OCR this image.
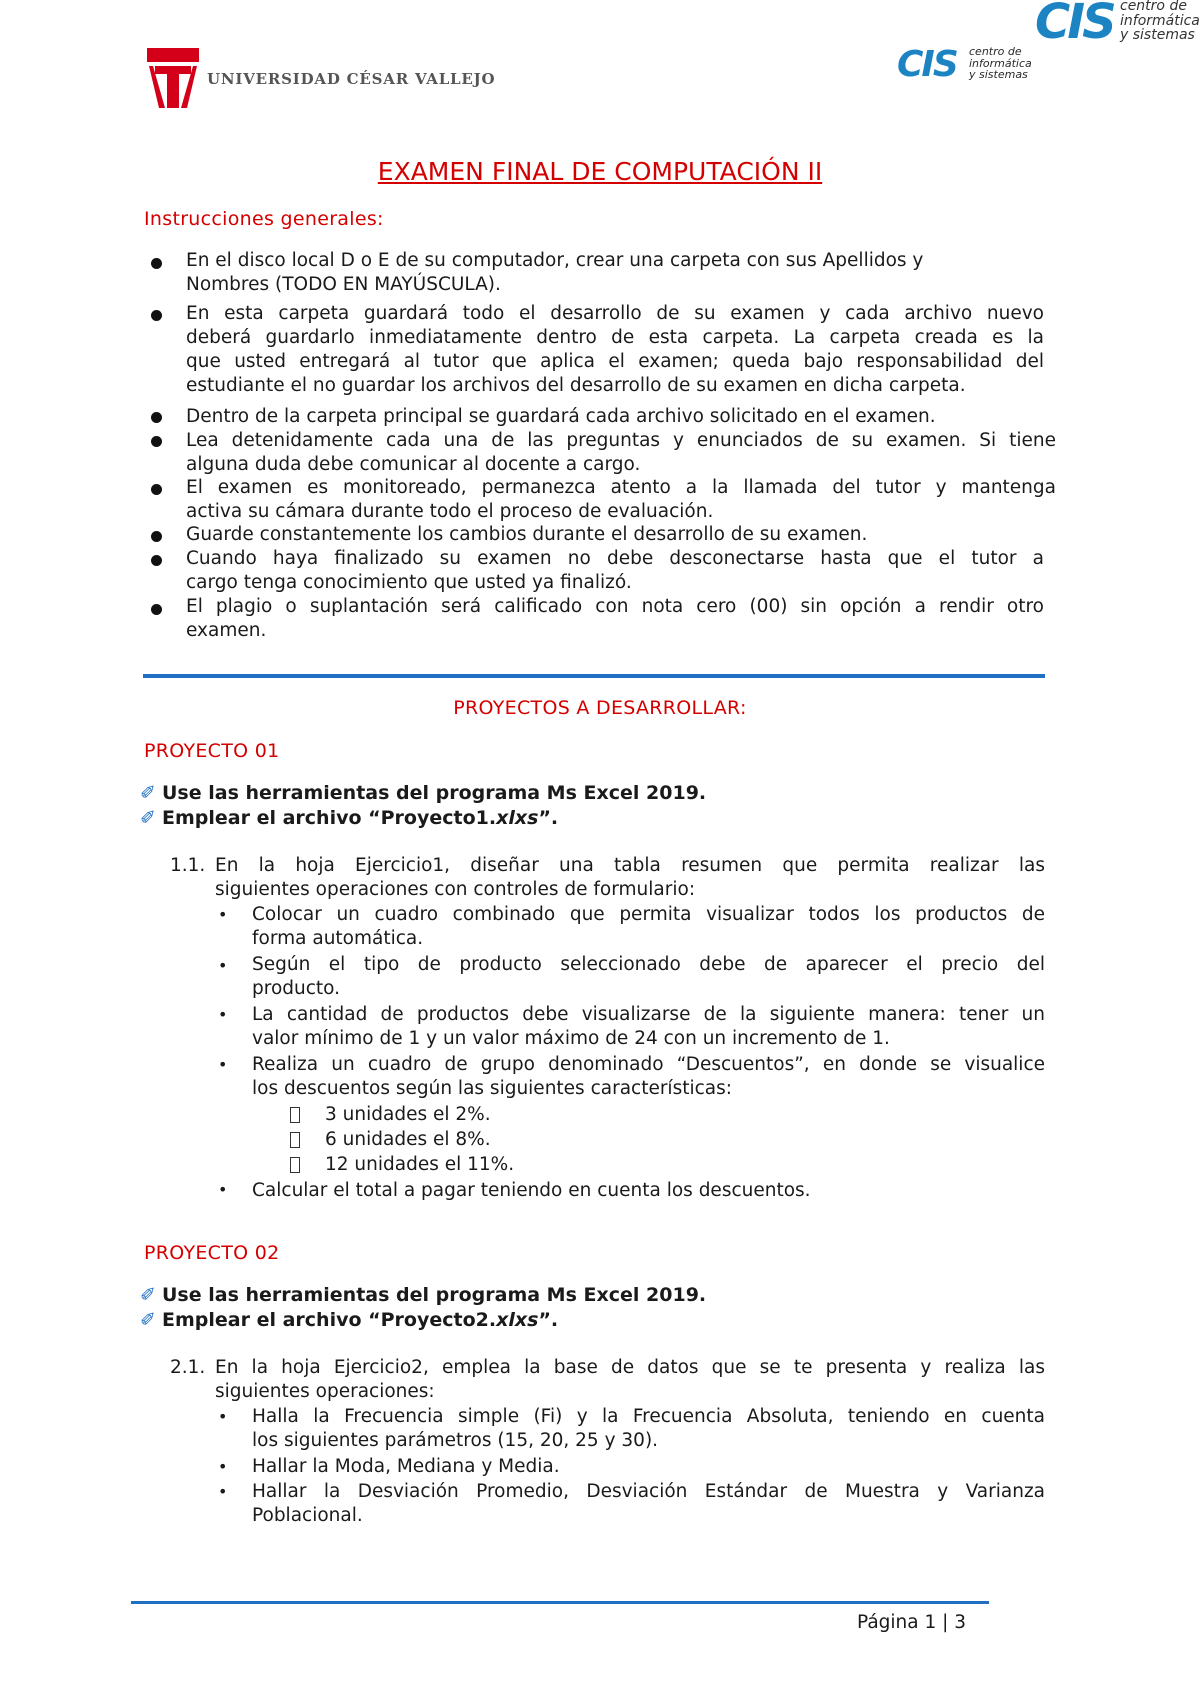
UNIVERSIDAD CÉSAR VALLEJO	CIS centro de
informática
y sistemas
CIS centro de
informática
y sistemas
EXAMEN FINAL DE COMPUTACIÓN II
Instrucciones generales:
En el disco local D o E de su computador, crear una carpeta con sus Apellidos y
Nombres (TODO EN MAYÚSCULA).
En esta carpeta guardará todo el desarrollo de su examen y cada archivo nuevo
deberá guardarlo inmediatamente dentro de esta carpeta. La carpeta creada es la
que usted entregará al tutor que aplica el examen; queda bajo responsabilidad del
estudiante el no guardar los archivos del desarrollo de su examen en dicha carpeta.
Dentro de la carpeta principal se guardará cada archivo solicitado en el examen.
Lea detenidamente cada una de las preguntas y enunciados de su examen. Si tiene
alguna duda debe comunicar al docente a cargo.
El examen es monitoreado, permanezca atento a la llamada del tutor y mantenga
activa su cámara durante todo el proceso de evaluación.
Guarde constantemente los cambios durante el desarrollo de su examen.
Cuando haya finalizado su examen no debe desconectarse hasta que el tutor a
cargo tenga conocimiento que usted ya finalizó.
El plagio o suplantación será calificado con nota cero (00) sin opción a rendir otro
examen.
PROYECTOS A DESARROLLAR:
PROYECTO 01
✐ Use las herramientas del programa Ms Excel 2019.
✐ Emplear el archivo “Proyecto1.xlxs”.
1.1. En la hoja Ejercicio1, diseñar una tabla resumen que permita realizar las
siguientes operaciones con controles de formulario:
• Colocar un cuadro combinado que permita visualizar todos los productos de
forma automática.
• Según el tipo de producto seleccionado debe de aparecer el precio del
producto.
• La cantidad de productos debe visualizarse de la siguiente manera: tener un
valor mínimo de 1 y un valor máximo de 24 con un incremento de 1.
• Realiza un cuadro de grupo denominado “Descuentos”, en donde se visualice
los descuentos según las siguientes características:
3 unidades el 2%.
6 unidades el 8%.
12 unidades el 11%.
• Calcular el total a pagar teniendo en cuenta los descuentos.
PROYECTO 02
✐ Use las herramientas del programa Ms Excel 2019.
✐ Emplear el archivo “Proyecto2.xlxs”.
2.1. En la hoja Ejercicio2, emplea la base de datos que se te presenta y realiza las
siguientes operaciones:
• Halla la Frecuencia simple (Fi) y la Frecuencia Absoluta, teniendo en cuenta
los siguientes parámetros (15, 20, 25 y 30).
• Hallar la Moda, Mediana y Media.
• Hallar la Desviación Promedio, Desviación Estándar de Muestra y Varianza
Poblacional.
Página 1 | 3
